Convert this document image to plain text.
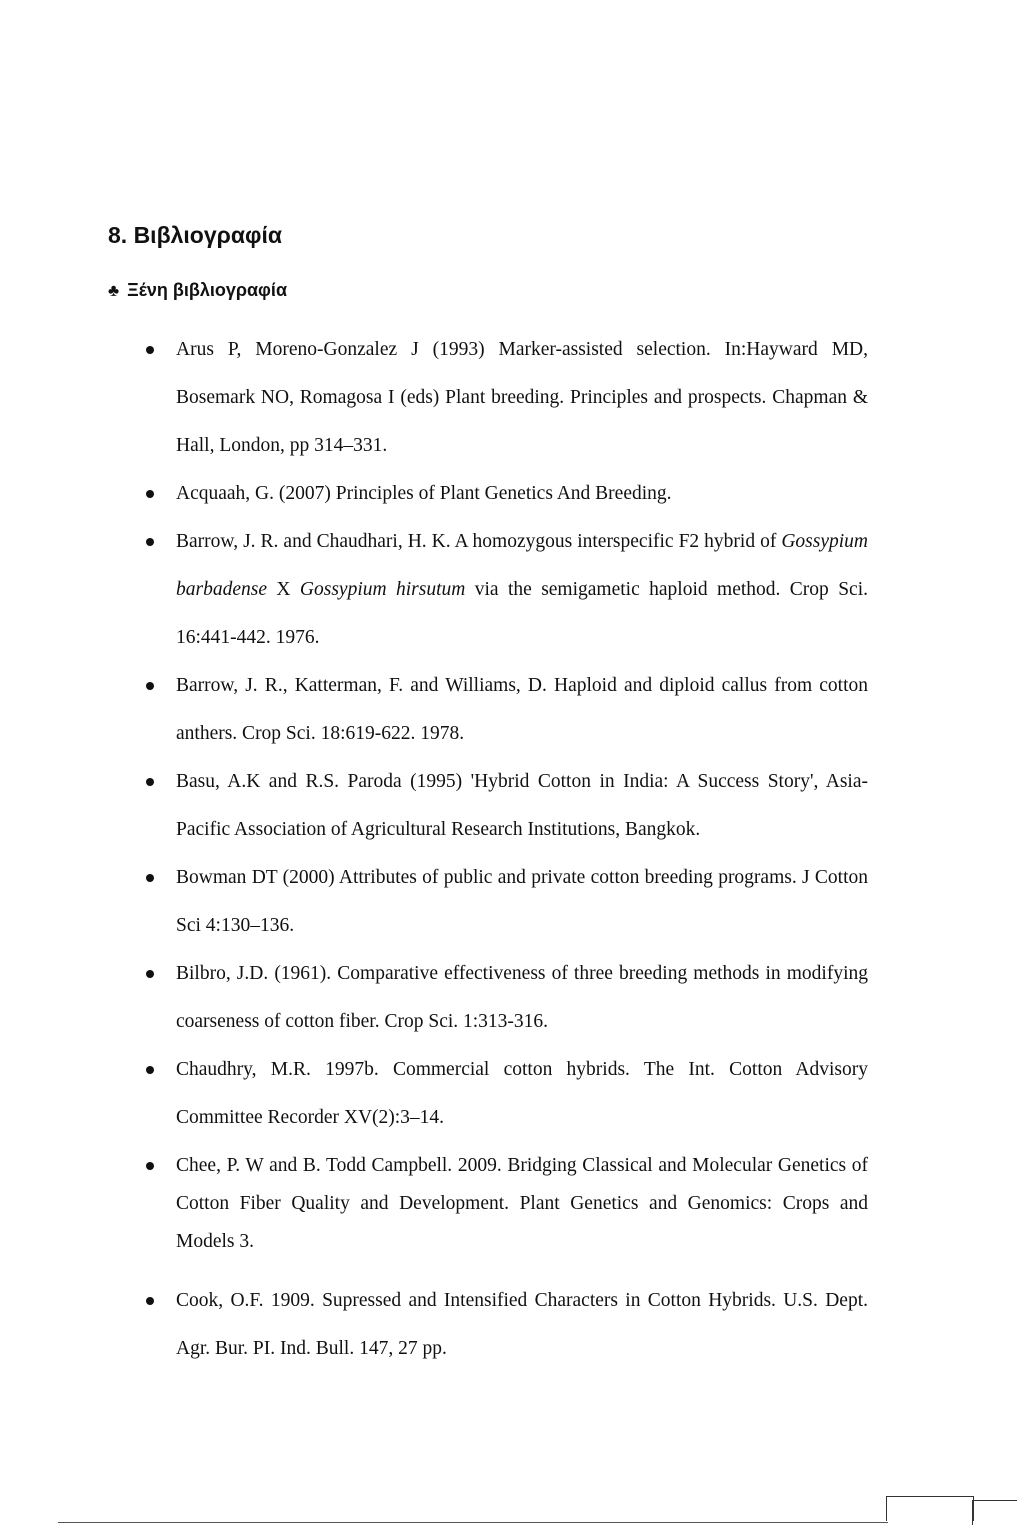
8. Βιβλιογραφία
♣ Ξένη βιβλιογραφία
Arus P, Moreno-Gonzalez J (1993) Marker-assisted selection. In:Hayward MD, Bosemark NO, Romagosa I (eds) Plant breeding. Principles and prospects. Chapman & Hall, London, pp 314–331.
Acquaah, G. (2007) Principles of Plant Genetics And Breeding.
Barrow, J. R. and Chaudhari, H. K. A homozygous interspecific F2 hybrid of Gossypium barbadense X Gossypium hirsutum via the semigametic haploid method. Crop Sci. 16:441-442. 1976.
Barrow, J. R., Katterman, F. and Williams, D. Haploid and diploid callus from cotton anthers. Crop Sci. 18:619-622. 1978.
Basu, A.K and R.S. Paroda (1995) 'Hybrid Cotton in India: A Success Story', Asia-Pacific Association of Agricultural Research Institutions, Bangkok.
Bowman DT (2000) Attributes of public and private cotton breeding programs. J Cotton Sci 4:130–136.
Bilbro, J.D. (1961). Comparative effectiveness of three breeding methods in modifying coarseness of cotton fiber. Crop Sci. 1:313-316.
Chaudhry, M.R. 1997b. Commercial cotton hybrids. The Int. Cotton Advisory Committee Recorder XV(2):3–14.
Chee, P. W and B. Todd Campbell. 2009. Bridging Classical and Molecular Genetics of Cotton Fiber Quality and Development. Plant Genetics and Genomics: Crops and Models 3.
Cook, O.F. 1909. Supressed and Intensified Characters in Cotton Hybrids. U.S. Dept. Agr. Bur. PI. Ind. Bull. 147, 27 pp.
